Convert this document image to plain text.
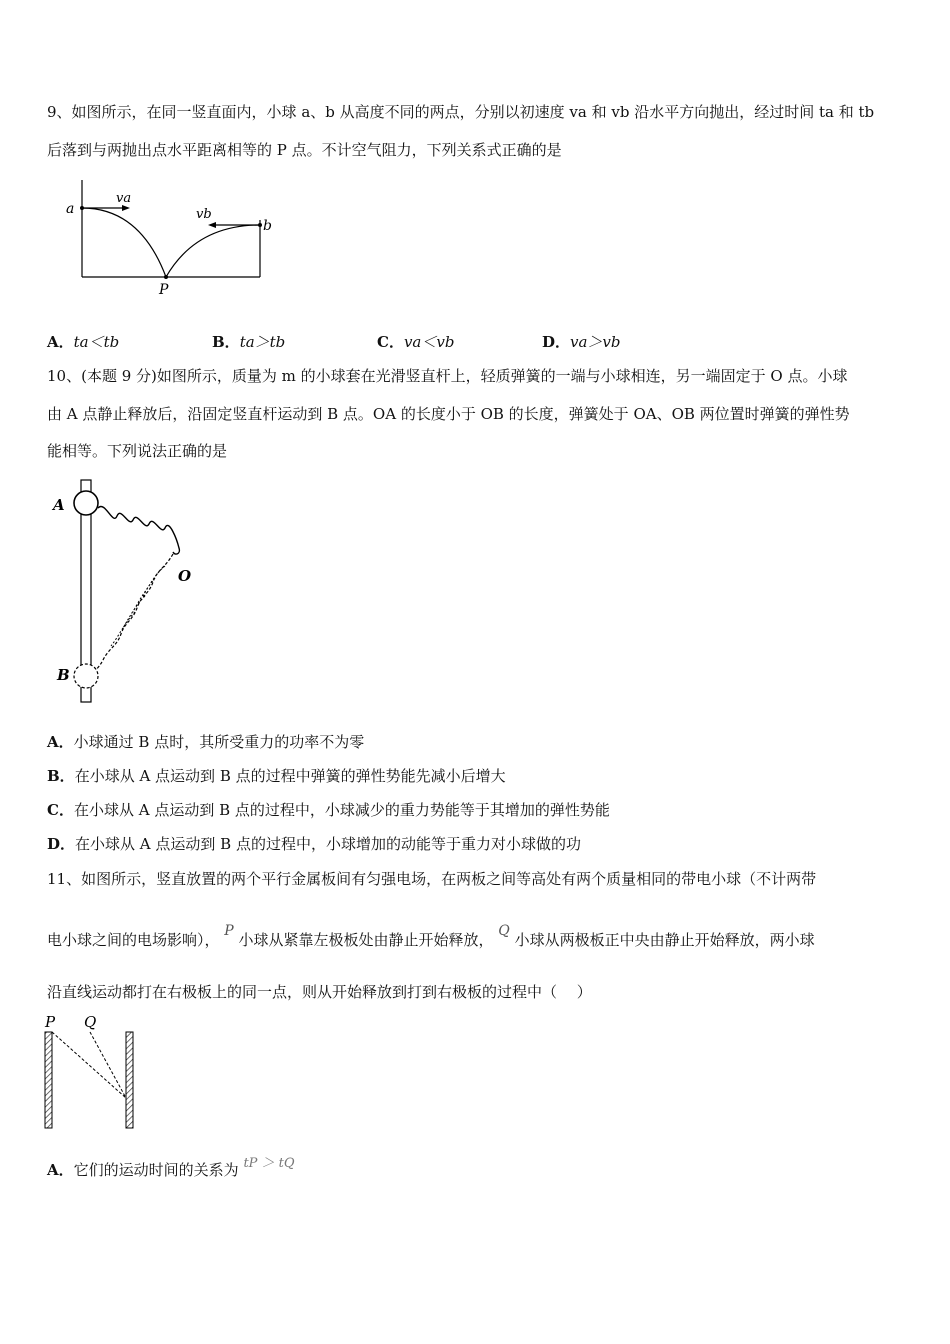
9、如图所示，在同一竖直面内，小球 a、b 从高度不同的两点，分别以初速度 va 和 vb 沿水平方向抛出，经过时间 ta 和 tb
后落到与两抛出点水平距离相等的 P 点。不计空气阻力，下列关系式正确的是
a
va
vb
b
P
A．ta＜tb	B．ta＞tb	C．va＜vb	D．va＞vb
10、(本题 9 分)如图所示，质量为 m 的小球套在光滑竖直杆上，轻质弹簧的一端与小球相连，另一端固定于 O 点。小球
由 A 点静止释放后，沿固定竖直杆运动到 B 点。OA 的长度小于 OB 的长度，弹簧处于 OA、OB 两位置时弹簧的弹性势
能相等。下列说法正确的是
A
O
B
A．小球通过 B 点时，其所受重力的功率不为零
B．在小球从 A 点运动到 B 点的过程中弹簧的弹性势能先减小后增大
C．在小球从 A 点运动到 B 点的过程中，小球减少的重力势能等于其增加的弹性势能
D．在小球从 A 点运动到 B 点的过程中，小球增加的动能等于重力对小球做的功
11、如图所示，竖直放置的两个平行金属板间有匀强电场，在两板之间等高处有两个质量相同的带电小球（不计两带
电小球之间的电场影响）， P 小球从紧靠左极板处由静止开始释放， Q 小球从两极板正中央由静止开始释放，两小球
沿直线运动都打在右极板上的同一点，则从开始释放到打到右极板的过程中（　 ）
P Q
A．它们的运动时间的关系为 tP ＞ tQ
